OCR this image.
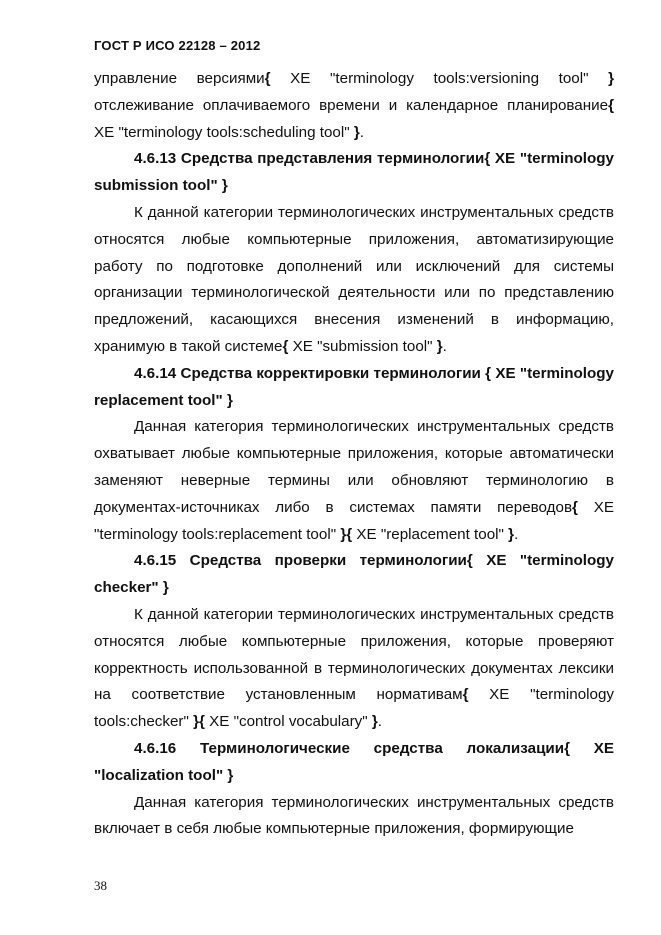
ГОСТ Р ИСО 22128 – 2012

управление версиями{ XE "terminology tools:versioning tool" } отслеживание оплачиваемого времени и календарное планирование{ XE "terminology tools:scheduling tool" }.

4.6.13 Средства представления терминологии{ XE "terminology submission tool" }

К данной категории терминологических инструментальных средств относятся любые компьютерные приложения, автоматизирующие работу по подготовке дополнений или исключений для системы организации терминологической деятельности или по представлению предложений, касающихся внесения изменений в информацию, хранимую в такой системе{ XE "submission tool" }.

4.6.14 Средства корректировки терминологии { XE "terminology replacement tool" }

Данная категория терминологических инструментальных средств охватывает любые компьютерные приложения, которые автоматически заменяют неверные термины или обновляют терминологию в документах-источниках либо в системах памяти переводов{ XE "terminology tools:replacement tool" }{ XE "replacement tool" }.

4.6.15 Средства проверки терминологии{ XE "terminology checker" }

К данной категории терминологических инструментальных средств относятся любые компьютерные приложения, которые проверяют корректность использованной в терминологических документах лексики на соответствие установленным нормативам{ XE "terminology tools:checker" }{ XE "control vocabulary" }.

4.6.16 Терминологические средства локализации{ XE "localization tool" }

Данная категория терминологических инструментальных средств включает в себя любые компьютерные приложения, формирующие

38
